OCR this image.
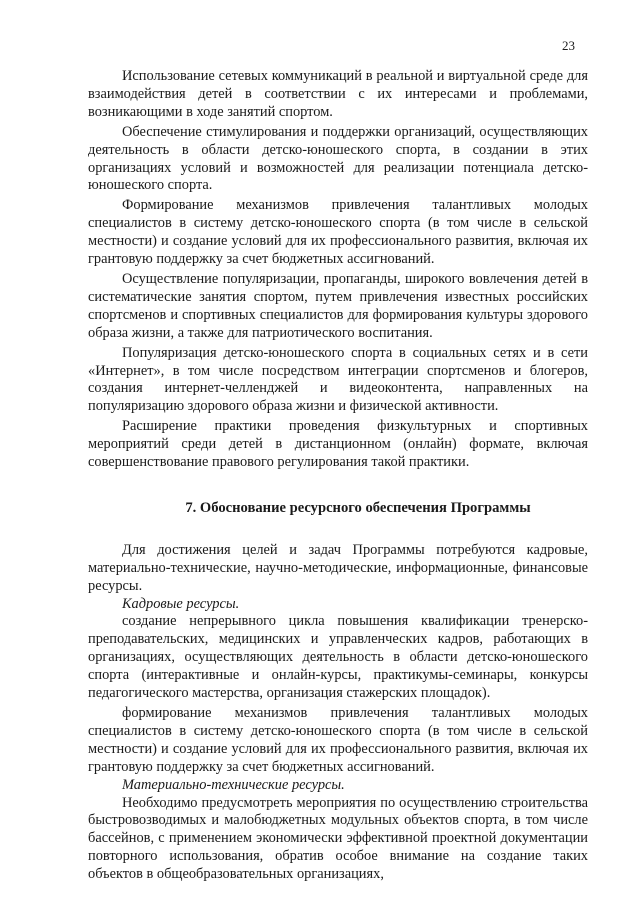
23

Использование сетевых коммуникаций в реальной и виртуальной среде для взаимодействия детей в соответствии с их интересами и проблемами, возникающими в ходе занятий спортом.

Обеспечение стимулирования и поддержки организаций, осуществляющих деятельность в области детско-юношеского спорта, в создании в этих организациях условий и возможностей для реализации потенциала детско-юношеского спорта.

Формирование механизмов привлечения талантливых молодых специалистов в систему детско-юношеского спорта (в том числе в сельской местности) и создание условий для их профессионального развития, включая их грантовую поддержку за счет бюджетных ассигнований.

Осуществление популяризации, пропаганды, широкого вовлечения детей в систематические занятия спортом, путем привлечения известных российских спортсменов и спортивных специалистов для формирования культуры здорового образа жизни, а также для патриотического воспитания.

Популяризация детско-юношеского спорта в социальных сетях и в сети «Интернет», в том числе посредством интеграции спортсменов и блогеров, создания интернет-челленджей и видеоконтента, направленных на популяризацию здорового образа жизни и физической активности.

Расширение практики проведения физкультурных и спортивных мероприятий среди детей в дистанционном (онлайн) формате, включая совершенствование правового регулирования такой практики.

7. Обоснование ресурсного обеспечения Программы

Для достижения целей и задач Программы потребуются кадровые, материально-технические, научно-методические, информационные, финансовые ресурсы.

Кадровые ресурсы.

создание непрерывного цикла повышения квалификации тренерско-преподавательских, медицинских и управленческих кадров, работающих в организациях, осуществляющих деятельность в области детско-юношеского спорта (интерактивные и онлайн-курсы, практикумы-семинары, конкурсы педагогического мастерства, организация стажерских площадок).

формирование механизмов привлечения талантливых молодых специалистов в систему детско-юношеского спорта (в том числе в сельской местности) и создание условий для их профессионального развития, включая их грантовую поддержку за счет бюджетных ассигнований.

Материально-технические ресурсы.

Необходимо предусмотреть мероприятия по осуществлению строительства быстровозводимых и малобюджетных модульных объектов спорта, в том числе бассейнов, с применением экономически эффективной проектной документации повторного использования, обратив особое внимание на создание таких объектов в общеобразовательных организациях,
